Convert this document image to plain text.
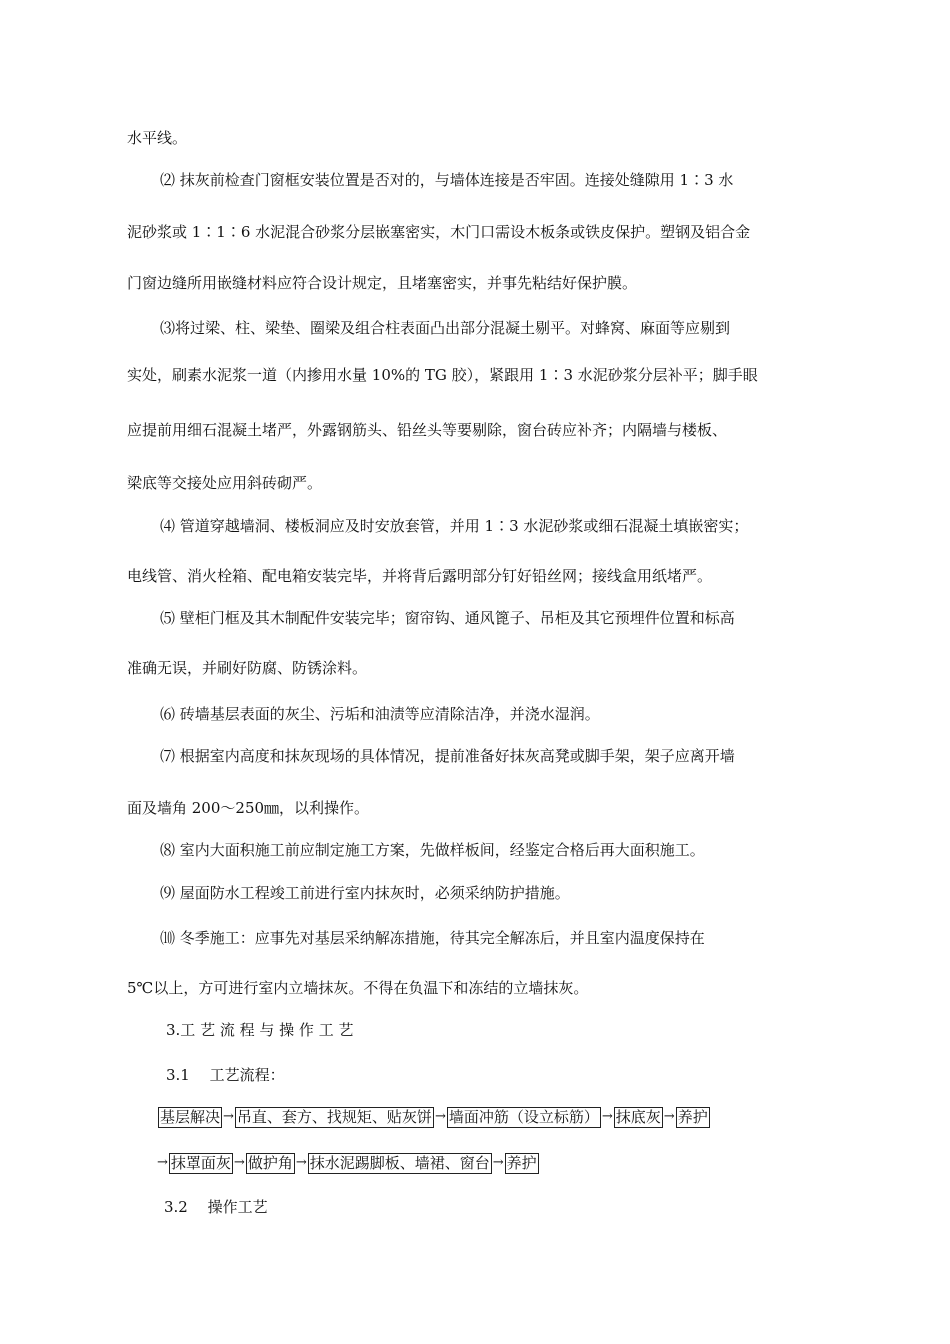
水平线。
⑵ 抹灰前检查门窗框安装位置是否对的，与墙体连接是否牢固。连接处缝隙用 1∶3 水
泥砂浆或 1∶1∶6 水泥混合砂浆分层嵌塞密实，木门口需设木板条或铁皮保护。塑钢及铝合金
门窗边缝所用嵌缝材料应符合设计规定，且堵塞密实，并事先粘结好保护膜。
⑶将过梁、柱、梁垫、圈梁及组合柱表面凸出部分混凝土剔平。对蜂窝、麻面等应剔到
实处，刷素水泥浆一道（内掺用水量 10%的 TG 胶），紧跟用 1∶3 水泥砂浆分层补平；脚手眼
应提前用细石混凝土堵严，外露钢筋头、铅丝头等要剔除，窗台砖应补齐；内隔墙与楼板、
梁底等交接处应用斜砖砌严。
⑷ 管道穿越墙洞、楼板洞应及时安放套管，并用 1∶3 水泥砂浆或细石混凝土填嵌密实；
电线管、消火栓箱、配电箱安装完毕，并将背后露明部分钉好铅丝网；接线盒用纸堵严。
⑸ 壁柜门框及其木制配件安装完毕；窗帘钩、通风篦子、吊柜及其它预埋件位置和标高
准确无误，并刷好防腐、防锈涂料。
⑹ 砖墙基层表面的灰尘、污垢和油渍等应清除洁净，并浇水湿润。
⑺ 根据室内高度和抹灰现场的具体情况，提前准备好抹灰高凳或脚手架，架子应离开墙
面及墙角 200～250㎜，以利操作。
⑻ 室内大面积施工前应制定施工方案，先做样板间，经鉴定合格后再大面积施工。
⑼ 屋面防水工程竣工前进行室内抹灰时，必须采纳防护措施。
⑽ 冬季施工：应事先对基层采纳解冻措施，待其完全解冻后，并且室内温度保持在
5℃以上，方可进行室内立墙抹灰。不得在负温下和冻结的立墙抹灰。
3.工 艺 流 程 与 操 作 工 艺
3.1　 工艺流程：
基层解决 → 吊直、套方、找规矩、贴灰饼 → 墙面冲筋（设立标筋） → 抹底灰 → 养护
→ 抹罩面灰 → 做护角 → 抹水泥踢脚板、墙裙、窗台 → 养护
3.2　 操作工艺
